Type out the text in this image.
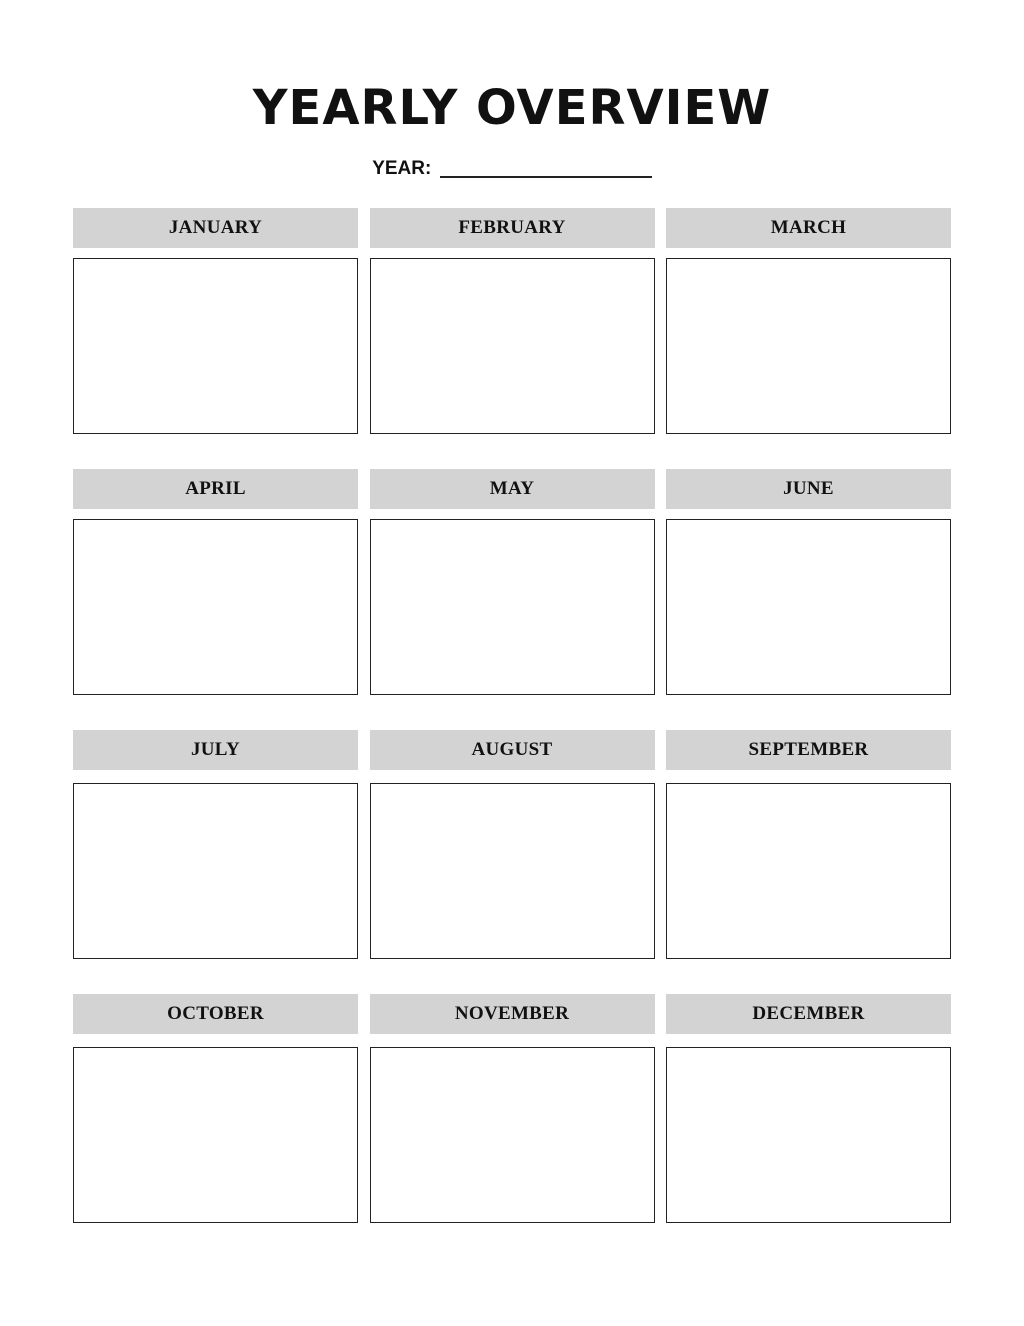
YEARLY OVERVIEW
YEAR:
JANUARY	FEBRUARY	MARCH
APRIL	MAY	JUNE
JULY	AUGUST	SEPTEMBER
OCTOBER	NOVEMBER	DECEMBER
